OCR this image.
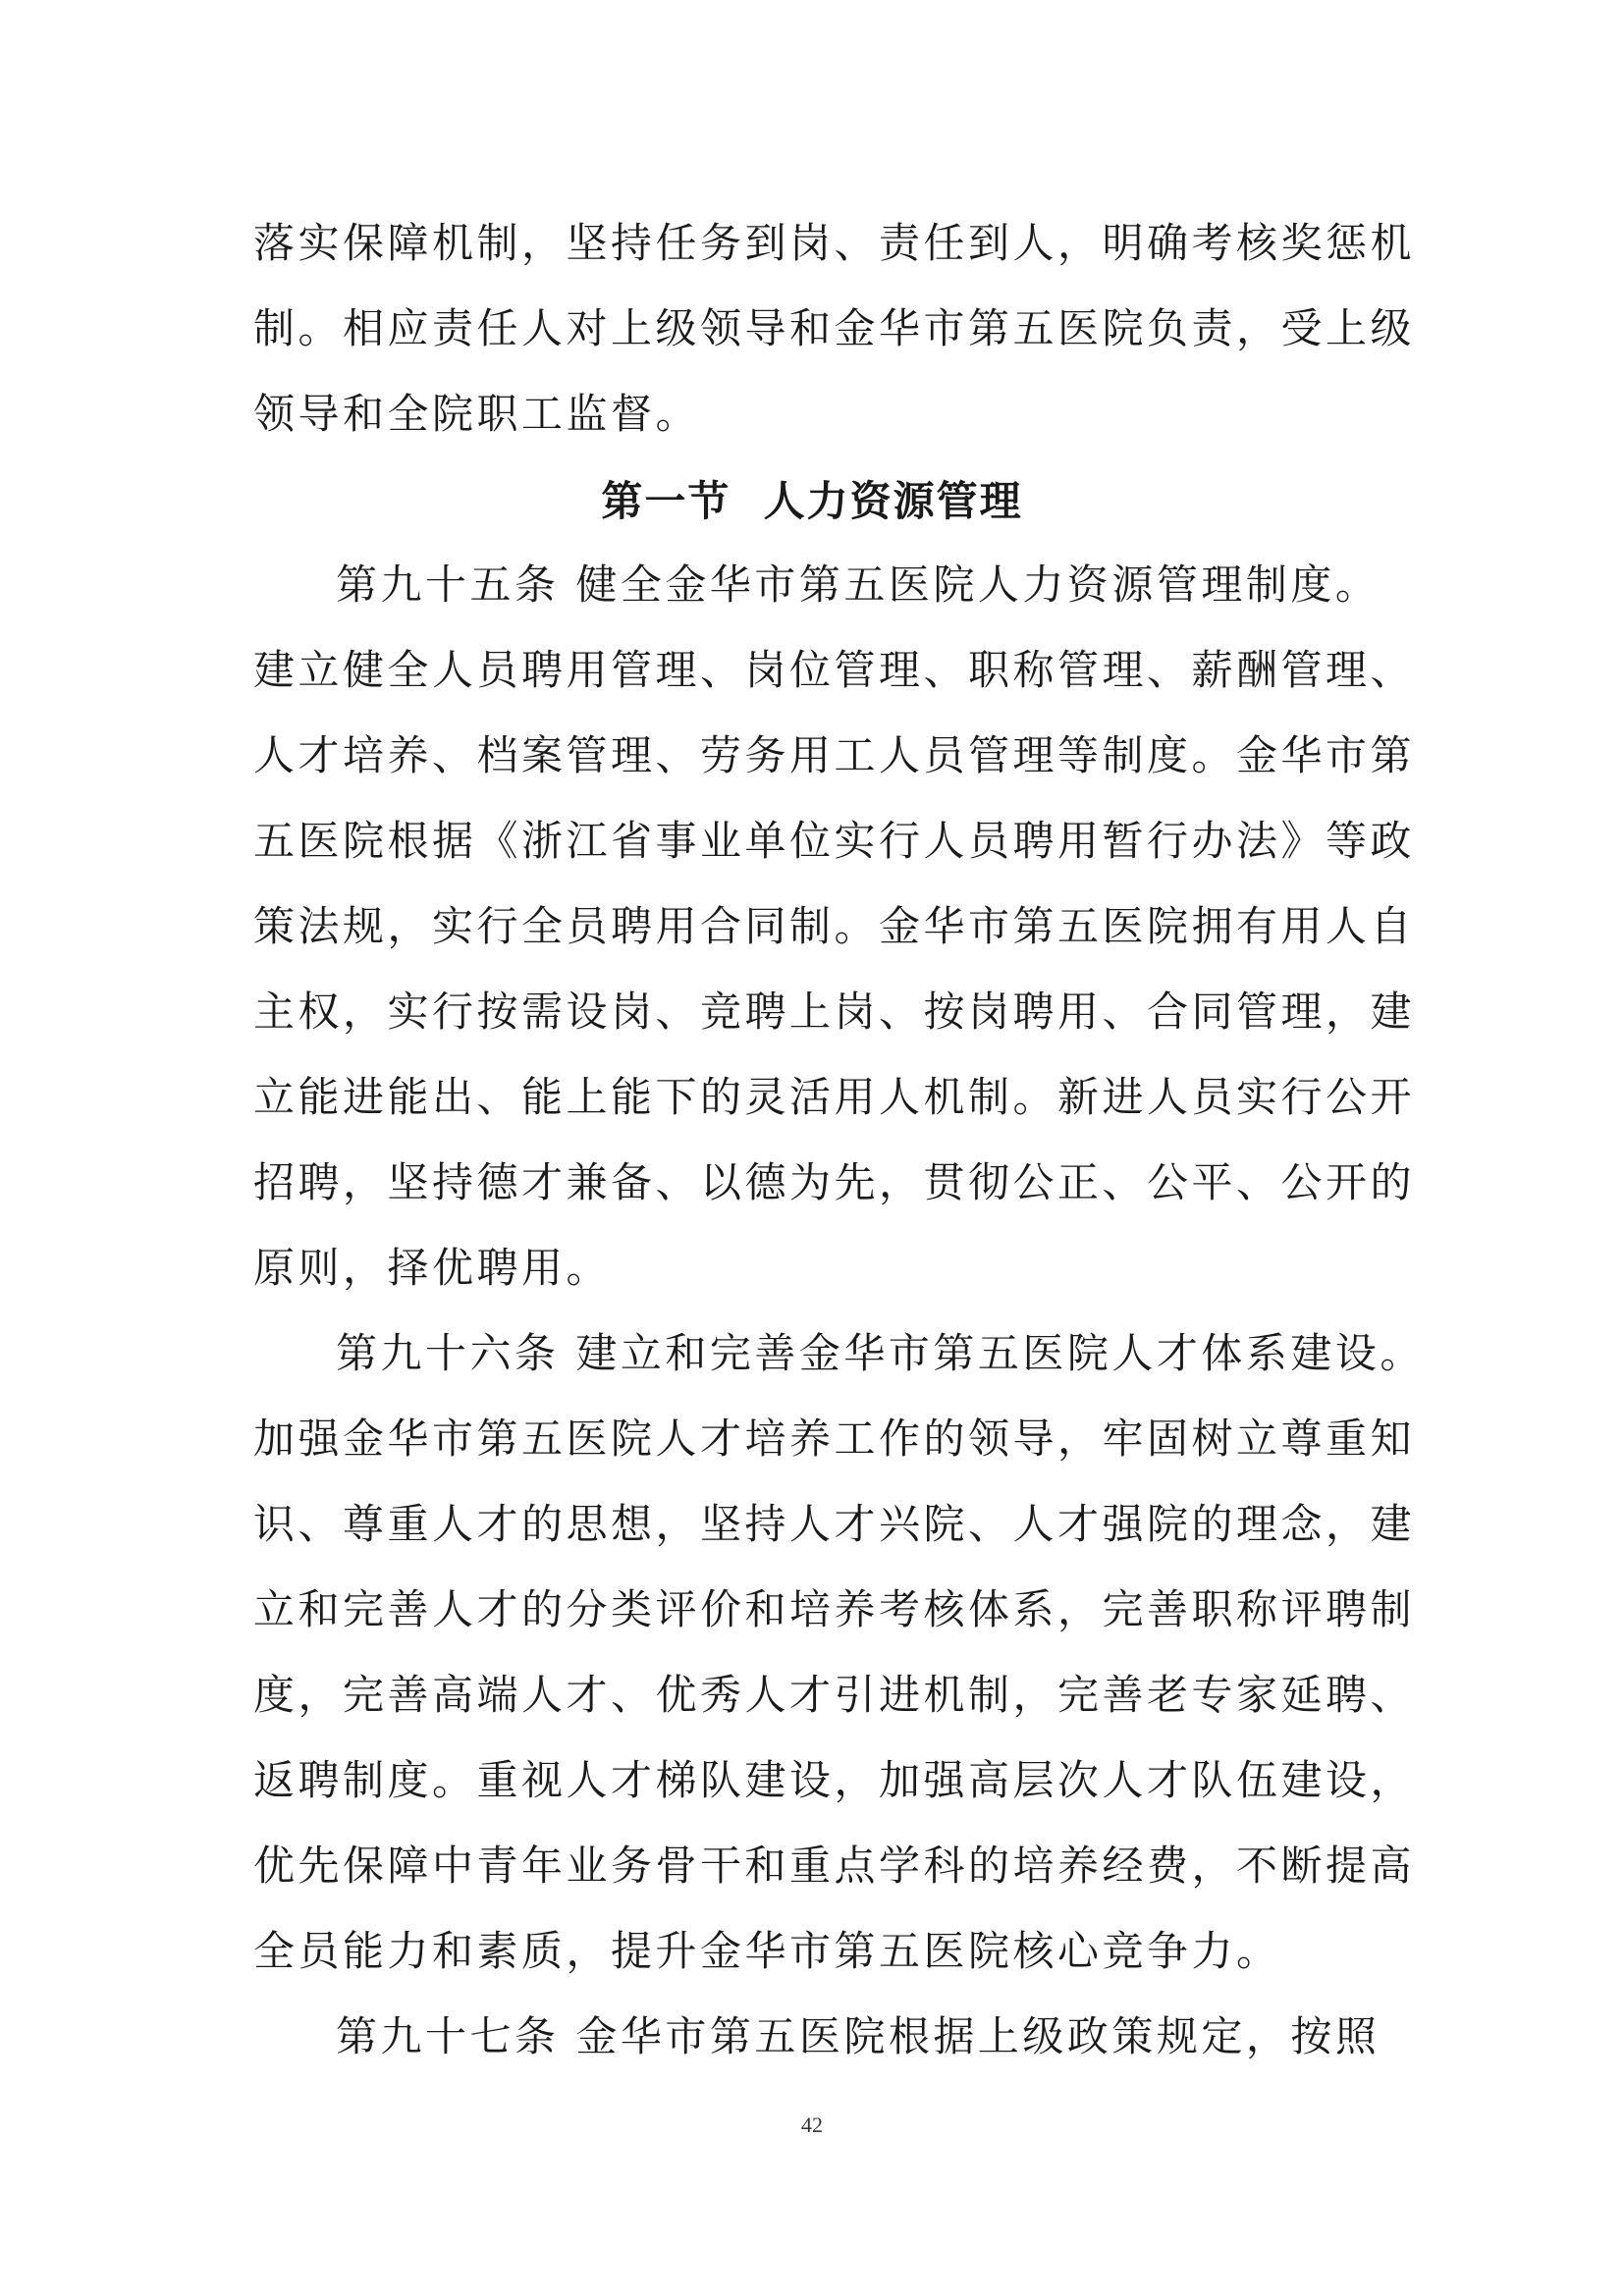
落实保障机制，坚持任务到岗、责任到人，明确考核奖惩机
制。相应责任人对上级领导和金华市第五医院负责，受上级
领导和全院职工监督。
第一节  人力资源管理
第九十五条 健全金华市第五医院人力资源管理制度。
建立健全人员聘用管理、岗位管理、职称管理、薪酬管理、
人才培养、档案管理、劳务用工人员管理等制度。金华市第
五医院根据《浙江省事业单位实行人员聘用暂行办法》等政
策法规，实行全员聘用合同制。金华市第五医院拥有用人自
主权，实行按需设岗、竞聘上岗、按岗聘用、合同管理，建
立能进能出、能上能下的灵活用人机制。新进人员实行公开
招聘，坚持德才兼备、以德为先，贯彻公正、公平、公开的
原则，择优聘用。
第九十六条 建立和完善金华市第五医院人才体系建设。
加强金华市第五医院人才培养工作的领导，牢固树立尊重知
识、尊重人才的思想，坚持人才兴院、人才强院的理念，建
立和完善人才的分类评价和培养考核体系，完善职称评聘制
度，完善高端人才、优秀人才引进机制，完善老专家延聘、
返聘制度。重视人才梯队建设，加强高层次人才队伍建设，
优先保障中青年业务骨干和重点学科的培养经费，不断提高
全员能力和素质，提升金华市第五医院核心竞争力。
第九十七条 金华市第五医院根据上级政策规定，按照
42
